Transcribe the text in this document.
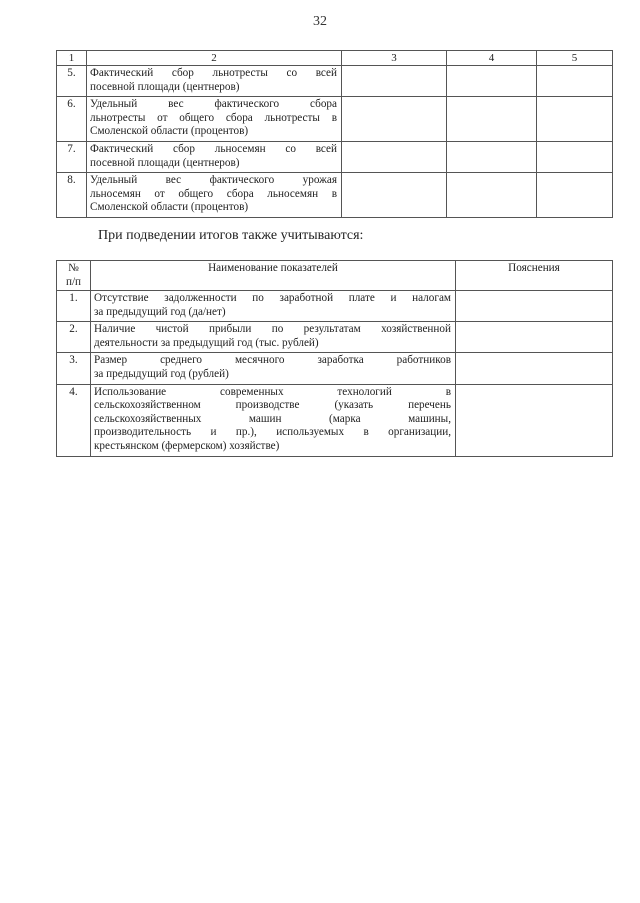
32
1	2	3	4	5
5.	Фактический сбор льнотресты со всей
посевной площади (центнеров)			

6.	Удельный вес фактического сбора
льнотресты от общего сбора льнотресты в
Смоленской области (процентов)			

7.	Фактический сбор льносемян со всей
посевной площади (центнеров)			

8.	Удельный вес фактического урожая
льносемян от общего сбора льносемян в
Смоленской области (процентов)			

При подведении итогов также учитываются:
№
п/п	Наименование показателей	Пояснения
1.	Отсутствие задолженности по заработной плате и налогам
за предыдущий год (да/нет)	

2.	Наличие чистой прибыли по результатам хозяйственной
деятельности за предыдущий год (тыс. рублей)	

3.	Размер среднего месячного заработка работников
за предыдущий год (рублей)	

4.	Использование современных технологий в
сельскохозяйственном производстве (указать перечень
сельскохозяйственных машин (марка машины,
производительность и пр.), используемых в организации,
крестьянском (фермерском) хозяйстве)	
